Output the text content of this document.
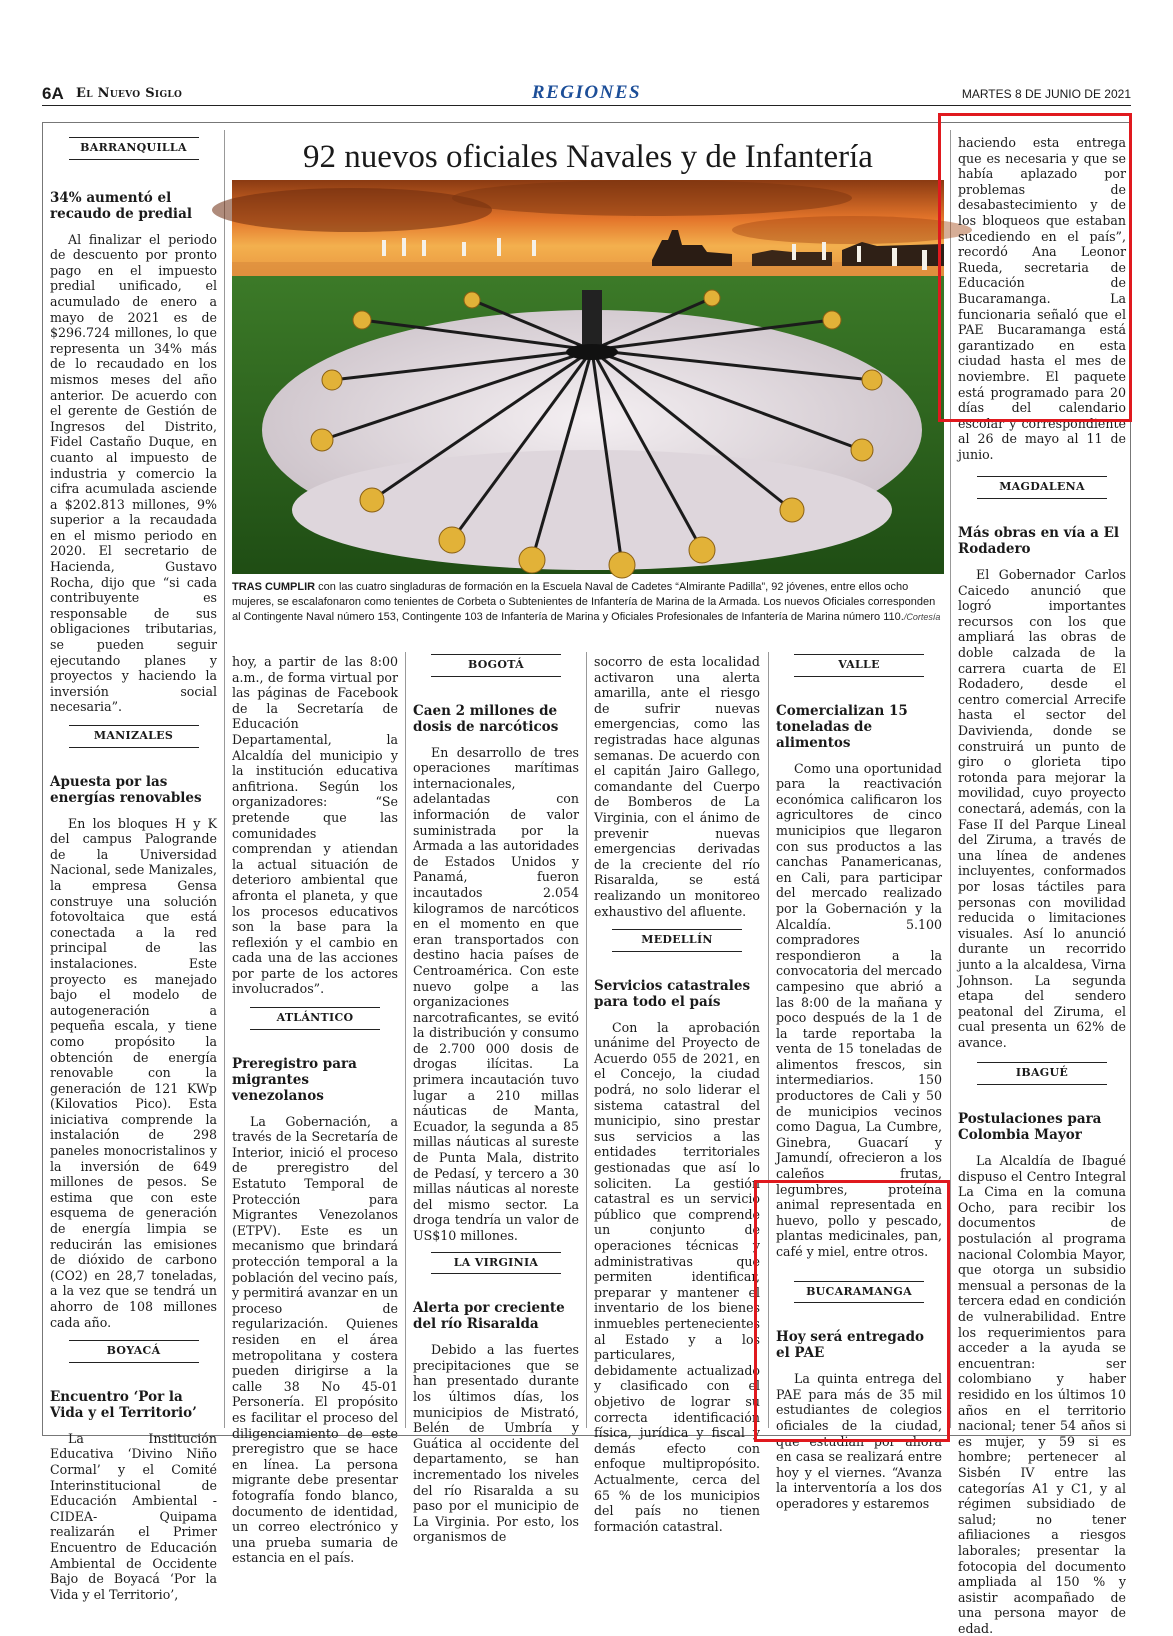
6A El Nuevo Siglo	REGIONES	MARTES 8 DE JUNIO DE 2021
92 nuevos oficiales Navales y de Infantería
TRAS CUMPLIR con las cuatro singladuras de formación en la Escuela Naval de Cadetes “Almirante Padilla”, 92 jóvenes, entre ellos ocho mujeres, se escalafonaron como tenientes de Corbeta o Subtenientes de Infantería de Marina de la Armada. Los nuevos Oficiales corresponden al Contingente Naval número 153, Contingente 103 de Infantería de Marina y Oficiales Profesionales de Infantería de Marina número 110./Cortesía
BARRANQUILLA
34% aumentó el recaudo de predial

Al finalizar el periodo de descuento por pronto pago en el impuesto predial unificado, el acumulado de enero a mayo de 2021 es de $296.724 millones, lo que representa un 34% más de lo recaudado en los mismos meses del año anterior. De acuerdo con el gerente de Gestión de Ingresos del Distrito, Fidel Castaño Duque, en cuanto al impuesto de industria y comercio la cifra acumulada asciende a $202.813 millones, 9% superior a la recaudada en el mismo periodo en 2020. El secretario de Hacienda, Gustavo Rocha, dijo que “si cada contribuyente es responsable de sus obligaciones tributarias, se pueden seguir ejecutando planes y proyectos y haciendo la inversión social necesaria”.

MANIZALES
Apuesta por las energías renovables

En los bloques H y K del campus Palogrande de la Universidad Nacional, sede Manizales, la empresa Gensa construye una solución fotovoltaica que está conectada a la red principal de las instalaciones. Este proyecto es manejado bajo el modelo de autogeneración a pequeña escala, y tiene como propósito la obtención de energía renovable con la generación de 121 KWp (Kilovatios Pico). Esta iniciativa comprende la instalación de 298 paneles monocristalinos y la inversión de 649 millones de pesos. Se estima que con este esquema de generación de energía limpia se reducirán las emisiones de dióxido de carbono (CO2) en 28,7 toneladas, a la vez que se tendrá un ahorro de 108 millones cada año.

BOYACÁ
Encuentro ‘Por la Vida y el Territorio’

La Institución Educativa ‘Divino Niño Cormal’ y el Comité Interinstitucional de Educación Ambiental -CIDEA- Quipama realizarán el Primer Encuentro de Educación Ambiental de Occidente Bajo de Boyacá ‘Por la Vida y el Territorio’,

hoy, a partir de las 8:00 a.m., de forma virtual por las páginas de Facebook de la Secretaría de Educación Departamental, la Alcaldía del municipio y la institución educativa anfitriona. Según los organizadores: “Se pretende que las comunidades comprendan y atiendan la actual situación de deterioro ambiental que afronta el planeta, y que los procesos educativos son la base para la reflexión y el cambio en cada una de las acciones por parte de los actores involucrados”.

ATLÁNTICO
Preregistro para migrantes venezolanos

La Gobernación, a través de la Secretaría de Interior, inició el proceso de preregistro del Estatuto Temporal de Protección para Migrantes Venezolanos (ETPV). Este es un mecanismo que brindará protección temporal a la población del vecino país, y permitirá avanzar en un proceso de regularización. Quienes residen en el área metropolitana y costera pueden dirigirse a la calle 38 No 45-01 Personería. El propósito es facilitar el proceso del diligenciamiento de este preregistro que se hace en línea. La persona migrante debe presentar fotografía fondo blanco, documento de identidad, un correo electrónico y una prueba sumaria de estancia en el país.

BOGOTÁ
Caen 2 millones de dosis de narcóticos

En desarrollo de tres operaciones marítimas internacionales, adelantadas con información de valor suministrada por la Armada a las autoridades de Estados Unidos y Panamá, fueron incautados 2.054 kilogramos de narcóticos en el momento en que eran transportados con destino hacia países de Centroamérica. Con este nuevo golpe a las organizaciones narcotraficantes, se evitó la distribución y consumo de 2.700 000 dosis de drogas ilícitas. La primera incautación tuvo lugar a 210 millas náuticas de Manta, Ecuador, la segunda a 85 millas náuticas al sureste de Punta Mala, distrito de Pedasí, y tercero a 30 millas náuticas al noreste del mismo sector. La droga tendría un valor de US$10 millones.

LA VIRGINIA
Alerta por creciente del río Risaralda

Debido a las fuertes precipitaciones que se han presentado durante los últimos días, los municipios de Mistrató, Belén de Umbría y Guática al occidente del departamento, se han incrementado los niveles del río Risaralda a su paso por el municipio de La Virginia. Por esto, los organismos de

socorro de esta localidad activaron una alerta amarilla, ante el riesgo de sufrir nuevas emergencias, como las registradas hace algunas semanas. De acuerdo con el capitán Jairo Gallego, comandante del Cuerpo de Bomberos de La Virginia, con el ánimo de prevenir nuevas emergencias derivadas de la creciente del río Risaralda, se está realizando un monitoreo exhaustivo del afluente.

MEDELLÍN
Servicios catastrales para todo el país

Con la aprobación unánime del Proyecto de Acuerdo 055 de 2021, en el Concejo, la ciudad podrá, no solo liderar el sistema catastral del municipio, sino prestar sus servicios a las entidades territoriales gestionadas que así lo soliciten. La gestión catastral es un servicio público que comprende un conjunto de operaciones técnicas y administrativas que permiten identificar, preparar y mantener el inventario de los bienes inmuebles pertenecientes al Estado y a los particulares, debidamente actualizado y clasificado con el objetivo de lograr su correcta identificación física, jurídica y fiscal y demás efecto con enfoque multipropósito. Actualmente, cerca del 65 % de los municipios del país no tienen formación catastral.

VALLE
Comercializan 15 toneladas de alimentos

Como una oportunidad para la reactivación económica calificaron los agricultores de cinco municipios que llegaron con sus productos a las canchas Panamericanas, en Cali, para participar del mercado realizado por la Gobernación y la Alcaldía. 5.100 compradores respondieron a la convocatoria del mercado campesino que abrió a las 8:00 de la mañana y poco después de la 1 de la tarde reportaba la venta de 15 toneladas de alimentos frescos, sin intermediarios. 150 productores de Cali y 50 de municipios vecinos como Dagua, La Cumbre, Ginebra, Guacarí y Jamundí, ofrecieron a los caleños frutas, legumbres, proteína animal representada en huevo, pollo y pescado, plantas medicinales, pan, café y miel, entre otros.

BUCARAMANGA
Hoy será entregado el PAE

La quinta entrega del PAE para más de 35 mil estudiantes de colegios oficiales de la ciudad, que estudian por ahora en casa se realizará entre hoy y el viernes. “Avanza la interventoría a los dos operadores y estaremos

haciendo esta entrega que es necesaria y que se había aplazado por problemas de desabastecimiento y de los bloqueos que estaban sucediendo en el país”, recordó Ana Leonor Rueda, secretaria de Educación de Bucaramanga. La funcionaria señaló que el PAE Bucaramanga está garantizado en esta ciudad hasta el mes de noviembre. El paquete está programado para 20 días del calendario escolar y correspondiente al 26 de mayo al 11 de junio.

MAGDALENA
Más obras en vía a El Rodadero

El Gobernador Carlos Caicedo anunció que logró importantes recursos con los que ampliará las obras de doble calzada de la carrera cuarta de El Rodadero, desde el centro comercial Arrecife hasta el sector del Davivienda, donde se construirá un punto de giro o glorieta tipo rotonda para mejorar la movilidad, cuyo proyecto conectará, además, con la Fase II del Parque Lineal del Ziruma, a través de una línea de andenes incluyentes, conformados por losas táctiles para personas con movilidad reducida o limitaciones visuales. Así lo anunció durante un recorrido junto a la alcaldesa, Virna Johnson. La segunda etapa del sendero peatonal del Ziruma, el cual presenta un 62% de avance.

IBAGUÉ
Postulaciones para Colombia Mayor

La Alcaldía de Ibagué dispuso el Centro Integral La Cima en la comuna Ocho, para recibir los documentos de postulación al programa nacional Colombia Mayor, que otorga un subsidio mensual a personas de la tercera edad en condición de vulnerabilidad. Entre los requerimientos para acceder a la ayuda se encuentran: ser colombiano y haber residido en los últimos 10 años en el territorio nacional; tener 54 años si es mujer, y 59 si es hombre; pertenecer al Sisbén IV entre las categorías A1 y C1, y al régimen subsidiado de salud; no tener afiliaciones a riesgos laborales; presentar la fotocopia del documento ampliada al 150 % y asistir acompañado de una persona mayor de edad.
